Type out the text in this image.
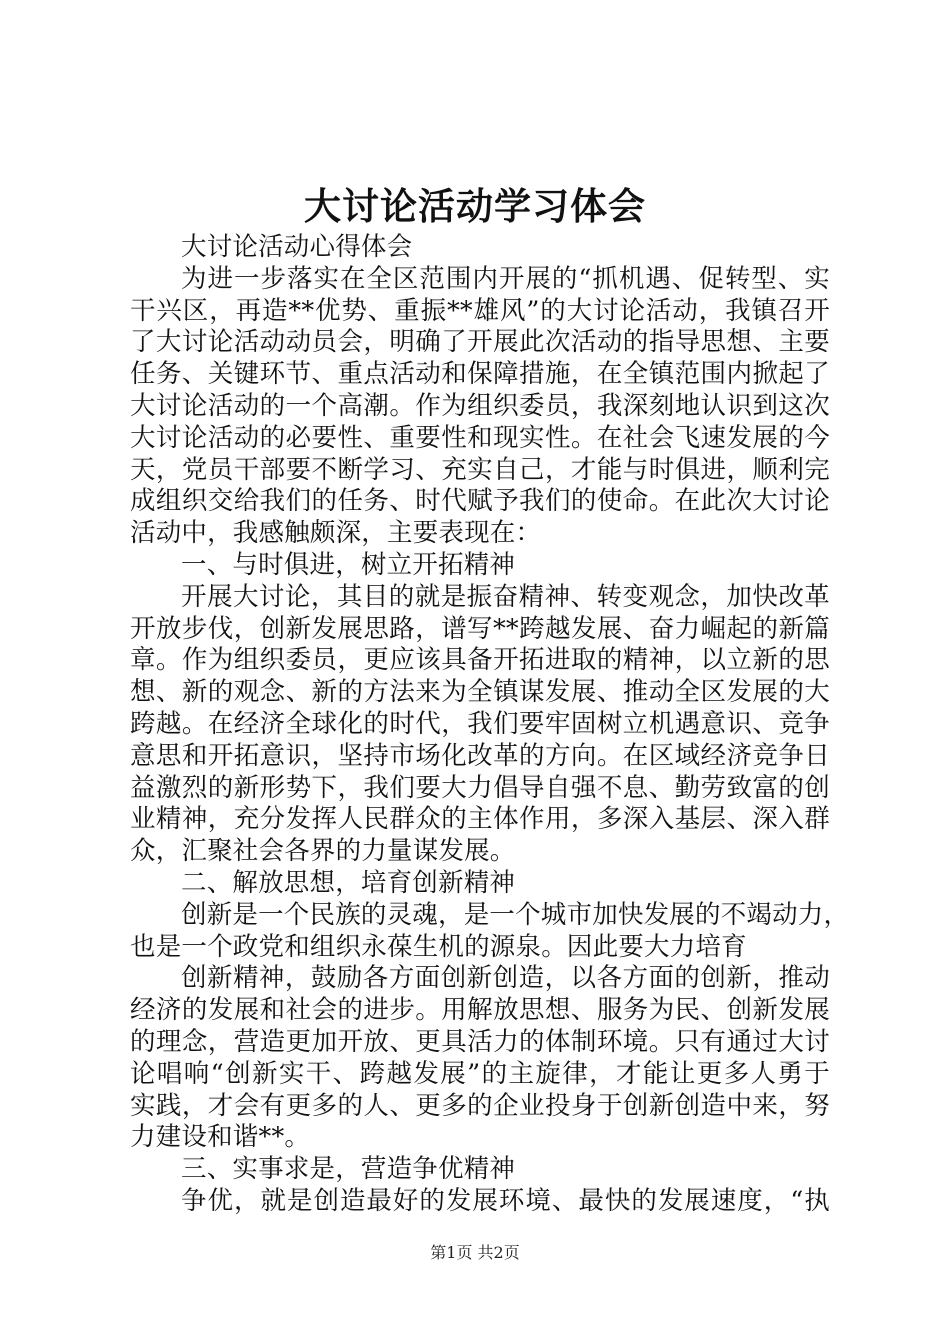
大讨论活动学习体会
大讨论活动心得体会
为进一步落实在全区范围内开展的“抓机遇、促转型、实
干兴区，再造**优势、重振**雄风”的大讨论活动，我镇召开
了大讨论活动动员会，明确了开展此次活动的指导思想、主要
任务、关键环节、重点活动和保障措施，在全镇范围内掀起了
大讨论活动的一个高潮。作为组织委员，我深刻地认识到这次
大讨论活动的必要性、重要性和现实性。在社会飞速发展的今
天，党员干部要不断学习、充实自己，才能与时俱进，顺利完
成组织交给我们的任务、时代赋予我们的使命。在此次大讨论
活动中，我感触颇深，主要表现在：
一、与时俱进，树立开拓精神
开展大讨论，其目的就是振奋精神、转变观念，加快改革
开放步伐，创新发展思路，谱写**跨越发展、奋力崛起的新篇
章。作为组织委员，更应该具备开拓进取的精神，以立新的思
想、新的观念、新的方法来为全镇谋发展、推动全区发展的大
跨越。在经济全球化的时代，我们要牢固树立机遇意识、竞争
意思和开拓意识，坚持市场化改革的方向。在区域经济竞争日
益激烈的新形势下，我们要大力倡导自强不息、勤劳致富的创
业精神，充分发挥人民群众的主体作用，多深入基层、深入群
众，汇聚社会各界的力量谋发展。
二、解放思想，培育创新精神
创新是一个民族的灵魂，是一个城市加快发展的不竭动力，
也是一个政党和组织永葆生机的源泉。因此要大力培育
创新精神，鼓励各方面创新创造，以各方面的创新，推动
经济的发展和社会的进步。用解放思想、服务为民、创新发展
的理念，营造更加开放、更具活力的体制环境。只有通过大讨
论唱响“创新实干、跨越发展”的主旋律，才能让更多人勇于
实践，才会有更多的人、更多的企业投身于创新创造中来，努
力建设和谐**。
三、实事求是，营造争优精神
争优，就是创造最好的发展环境、最快的发展速度，“执
第1页 共2页
